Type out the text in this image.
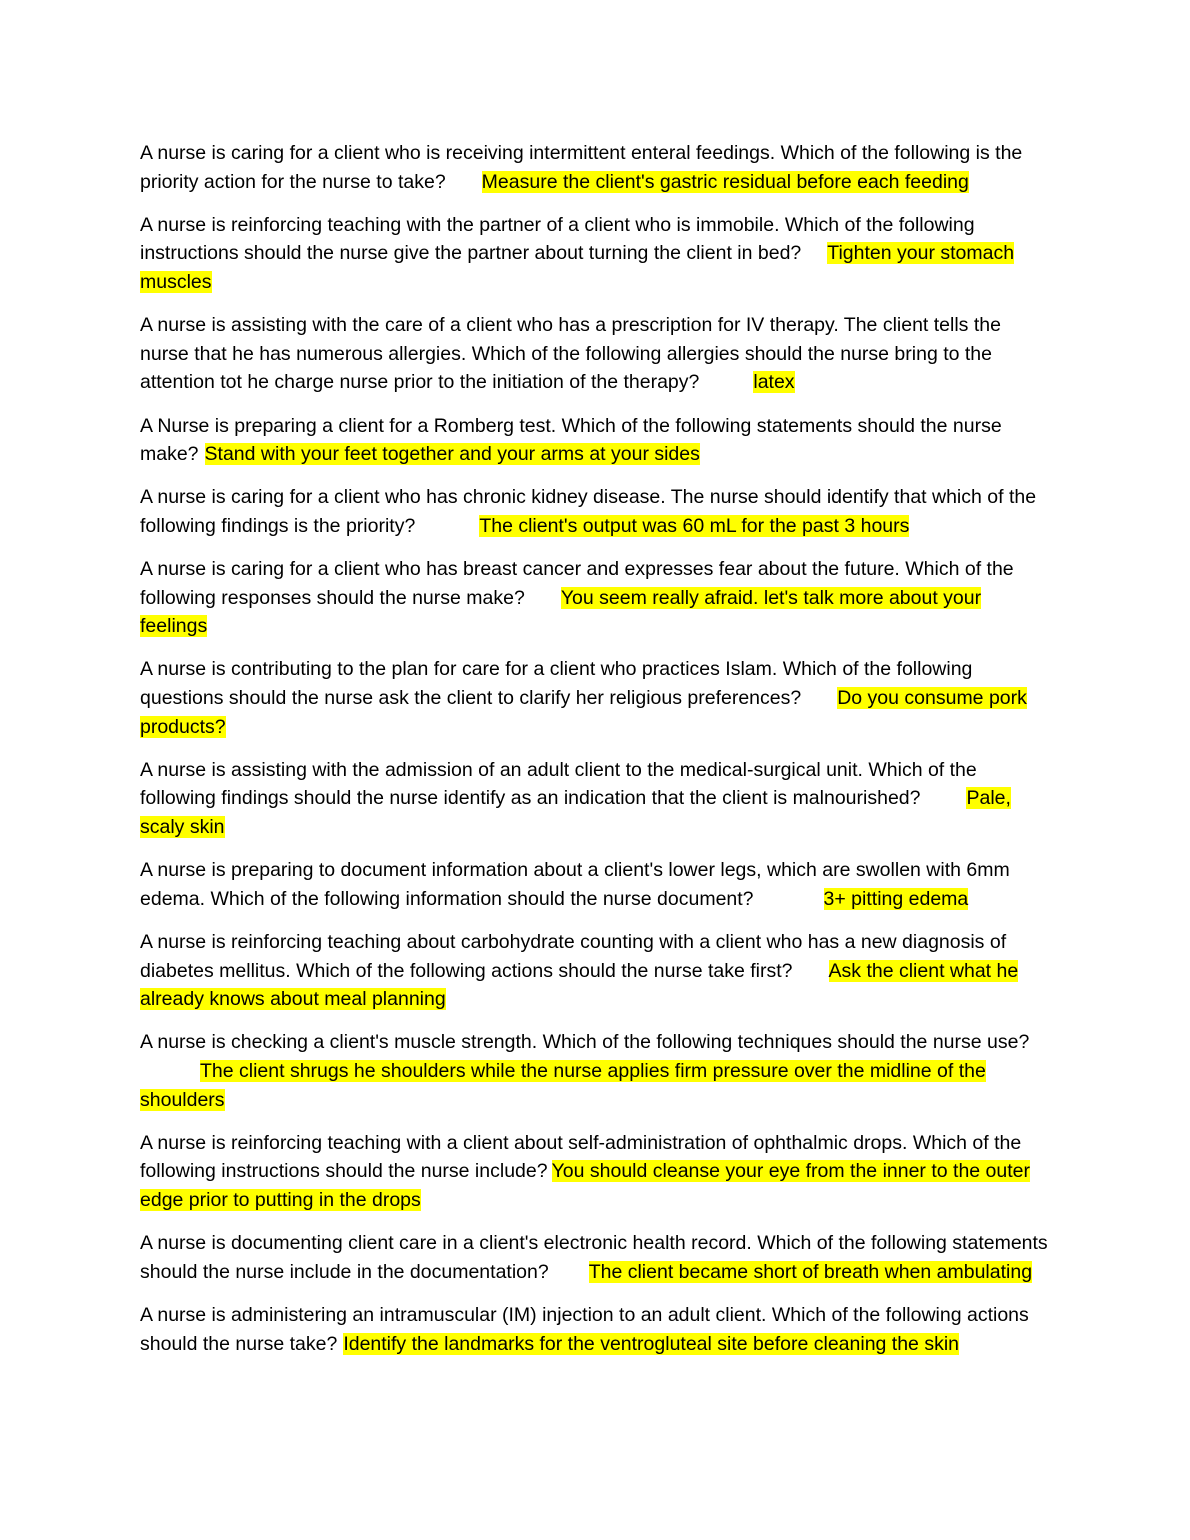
A nurse is caring for a client who is receiving intermittent enteral feedings. Which of the following is the priority action for the nurse to take? Measure the client's gastric residual before each feeding

A nurse is reinforcing teaching with the partner of a client who is immobile. Which of the following instructions should the nurse give the partner about turning the client in bed? Tighten your stomach muscles

A nurse is assisting with the care of a client who has a prescription for IV therapy. The client tells the nurse that he has numerous allergies. Which of the following allergies should the nurse bring to the attention tot he charge nurse prior to the initiation of the therapy?	latex

A Nurse is preparing a client for a Romberg test. Which of the following statements should the nurse make? Stand with your feet together and your arms at your sides

A nurse is caring for a client who has chronic kidney disease. The nurse should identify that which of the following findings is the priority?	The client's output was 60 mL for the past 3 hours

A nurse is caring for a client who has breast cancer and expresses fear about the future. Which of the following responses should the nurse make? You seem really afraid. let's talk more about your feelings

A nurse is contributing to the plan for care for a client who practices Islam. Which of the following questions should the nurse ask the client to clarify her religious preferences? Do you consume pork products?

A nurse is assisting with the admission of an adult client to the medical-surgical unit. Which of the following findings should the nurse identify as an indication that the client is malnourished? Pale, scaly skin

A nurse is preparing to document information about a client's lower legs, which are swollen with 6mm edema. Which of the following information should the nurse document?	3+ pitting edema

A nurse is reinforcing teaching about carbohydrate counting with a client who has a new diagnosis of diabetes mellitus. Which of the following actions should the nurse take first? Ask the client what he already knows about meal planning

A nurse is checking a client's muscle strength. Which of the following techniques should the nurse use?The client shrugs he shoulders while the nurse applies firm pressure over the midline of the shoulders

A nurse is reinforcing teaching with a client about self-administration of ophthalmic drops. Which of the following instructions should the nurse include? You should cleanse your eye from the inner to the outer edge prior to putting in the drops

A nurse is documenting client care in a client's electronic health record. Which of the following statements should the nurse include in the documentation? The client became short of breath when ambulating

A nurse is administering an intramuscular (IM) injection to an adult client. Which of the following actions should the nurse take? Identify the landmarks for the ventrogluteal site before cleaning the skin
